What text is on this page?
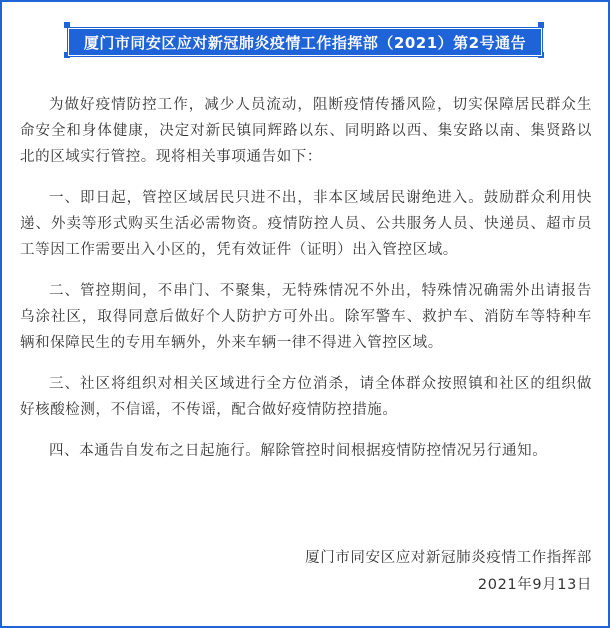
厦门市同安区应对新冠肺炎疫情工作指挥部（2021）第2号通告

为做好疫情防控工作，减少人员流动，阻断疫情传播风险，切实保障居民群众生命安全和身体健康，决定对新民镇同辉路以东、同明路以西、集安路以南、集贤路以北的区域实行管控。现将相关事项通告如下：

一、即日起，管控区域居民只进不出，非本区域居民谢绝进入。鼓励群众利用快递、外卖等形式购买生活必需物资。疫情防控人员、公共服务人员、快递员、超市员工等因工作需要出入小区的，凭有效证件（证明）出入管控区域。

二、管控期间，不串门、不聚集，无特殊情况不外出，特殊情况确需外出请报告乌涂社区，取得同意后做好个人防护方可外出。除军警车、救护车、消防车等特种车辆和保障民生的专用车辆外，外来车辆一律不得进入管控区域。

三、社区将组织对相关区域进行全方位消杀，请全体群众按照镇和社区的组织做好核酸检测，不信谣，不传谣，配合做好疫情防控措施。

四、本通告自发布之日起施行。解除管控时间根据疫情防控情况另行通知。

厦门市同安区应对新冠肺炎疫情工作指挥部
2021年9月13日
